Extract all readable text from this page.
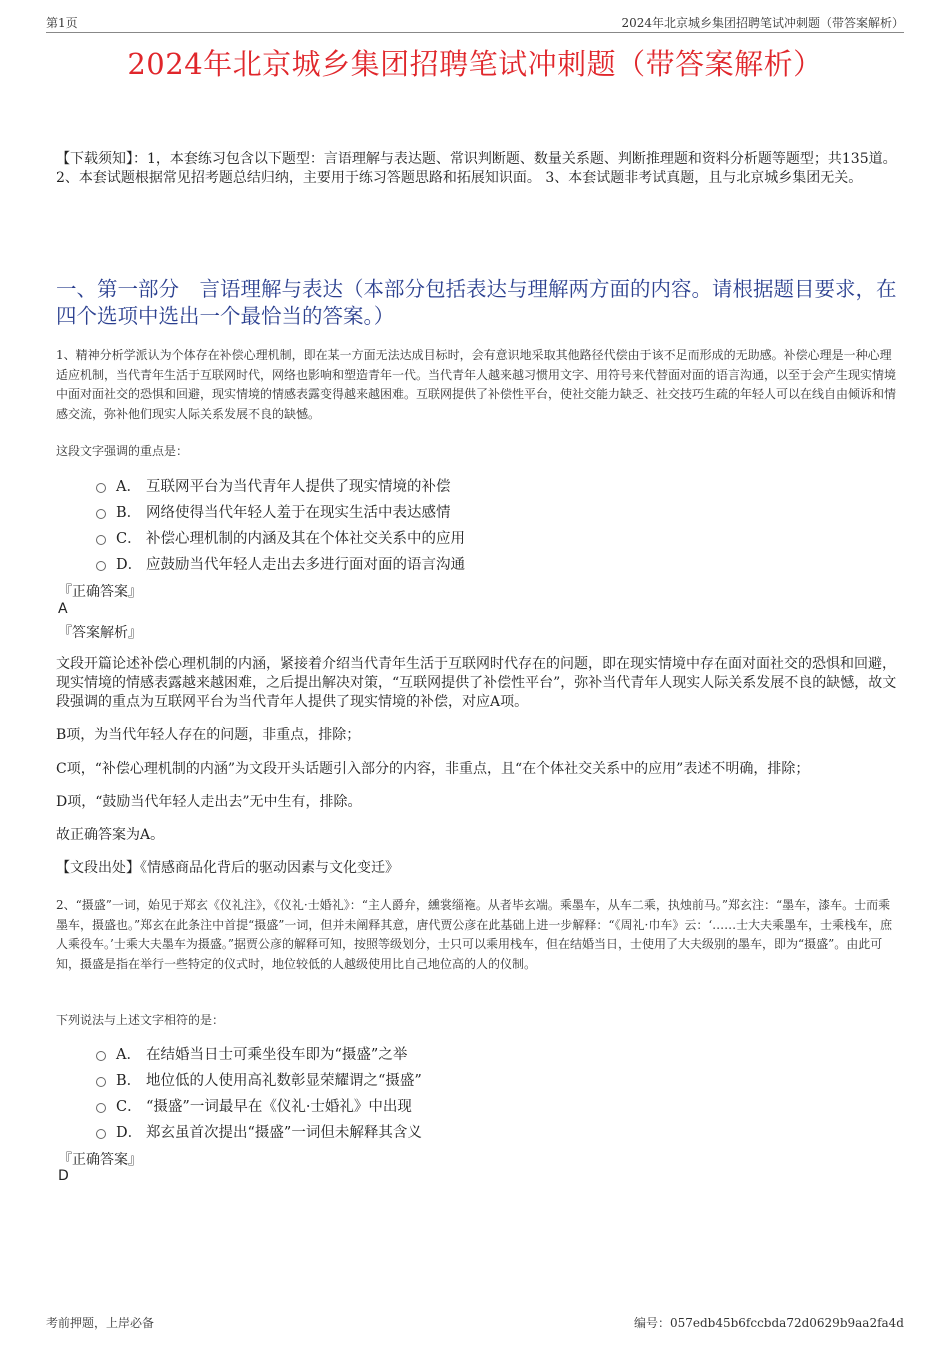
第1页	2024年北京城乡集团招聘笔试冲刺题（带答案解析）
2024年北京城乡集团招聘笔试冲刺题（带答案解析）
【下载须知】：1，本套练习包含以下题型：言语理解与表达题、常识判断题、数量关系题、判断推理题和资料分析题等题型；共135道。 2、本套试题根据常见招考题总结归纳，主要用于练习答题思路和拓展知识面。 3、本套试题非考试真题，且与北京城乡集团无关。
一、第一部分　言语理解与表达（本部分包括表达与理解两方面的内容。请根据题目要求，在四个选项中选出一个最恰当的答案。）
1、精神分析学派认为个体存在补偿心理机制，即在某一方面无法达成目标时，会有意识地采取其他路径代偿由于该不足而形成的无助感。补偿心理是一种心理适应机制，当代青年生活于互联网时代，网络也影响和塑造青年一代。当代青年人越来越习惯用文字、用符号来代替面对面的语言沟通，以至于会产生现实情境中面对面社交的恐惧和回避，现实情境的情感表露变得越来越困难。互联网提供了补偿性平台，使社交能力缺乏、社交技巧生疏的年轻人可以在线自由倾诉和情感交流，弥补他们现实人际关系发展不良的缺憾。
这段文字强调的重点是：
A． 互联网平台为当代青年人提供了现实情境的补偿
B． 网络使得当代年轻人羞于在现实生活中表达感情
C． 补偿心理机制的内涵及其在个体社交关系中的应用
D． 应鼓励当代年轻人走出去多进行面对面的语言沟通
『正确答案』
A
『答案解析』
文段开篇论述补偿心理机制的内涵，紧接着介绍当代青年生活于互联网时代存在的问题，即在现实情境中存在面对面社交的恐惧和回避，现实情境的情感表露越来越困难，之后提出解决对策，“互联网提供了补偿性平台”，弥补当代青年人现实人际关系发展不良的缺憾，故文段强调的重点为互联网平台为当代青年人提供了现实情境的补偿，对应A项。
B项，为当代年轻人存在的问题，非重点，排除；
C项，“补偿心理机制的内涵”为文段开头话题引入部分的内容，非重点，且“在个体社交关系中的应用”表述不明确，排除；
D项，“鼓励当代年轻人走出去”无中生有，排除。
故正确答案为A。
【文段出处】《情感商品化背后的驱动因素与文化变迁》
2、“摄盛”一词，始见于郑玄《仪礼注》，《仪礼·士婚礼》：“主人爵弁，纁裳缁袘。从者毕玄端。乘墨车，从车二乘，执烛前马。”郑玄注：“墨车，漆车。士而乘墨车，摄盛也。”郑玄在此条注中首提“摄盛”一词，但并未阐释其意，唐代贾公彦在此基础上进一步解释：“《周礼·巾车》云：‘……士大夫乘墨车，士乘栈车，庶人乘役车。’士乘大夫墨车为摄盛。”据贾公彦的解释可知，按照等级划分，士只可以乘用栈车，但在结婚当日，士使用了大夫级别的墨车，即为“摄盛”。由此可知，摄盛是指在举行一些特定的仪式时，地位较低的人越级使用比自己地位高的人的仪制。
下列说法与上述文字相符的是：
A． 在结婚当日士可乘坐役车即为“摄盛”之举
B． 地位低的人使用高礼数彰显荣耀谓之“摄盛”
C． “摄盛”一词最早在《仪礼·士婚礼》中出现
D． 郑玄虽首次提出“摄盛”一词但未解释其含义
『正确答案』
D
考前押题，上岸必备	编号：057edb45b6fccbda72d0629b9aa2fa4d
